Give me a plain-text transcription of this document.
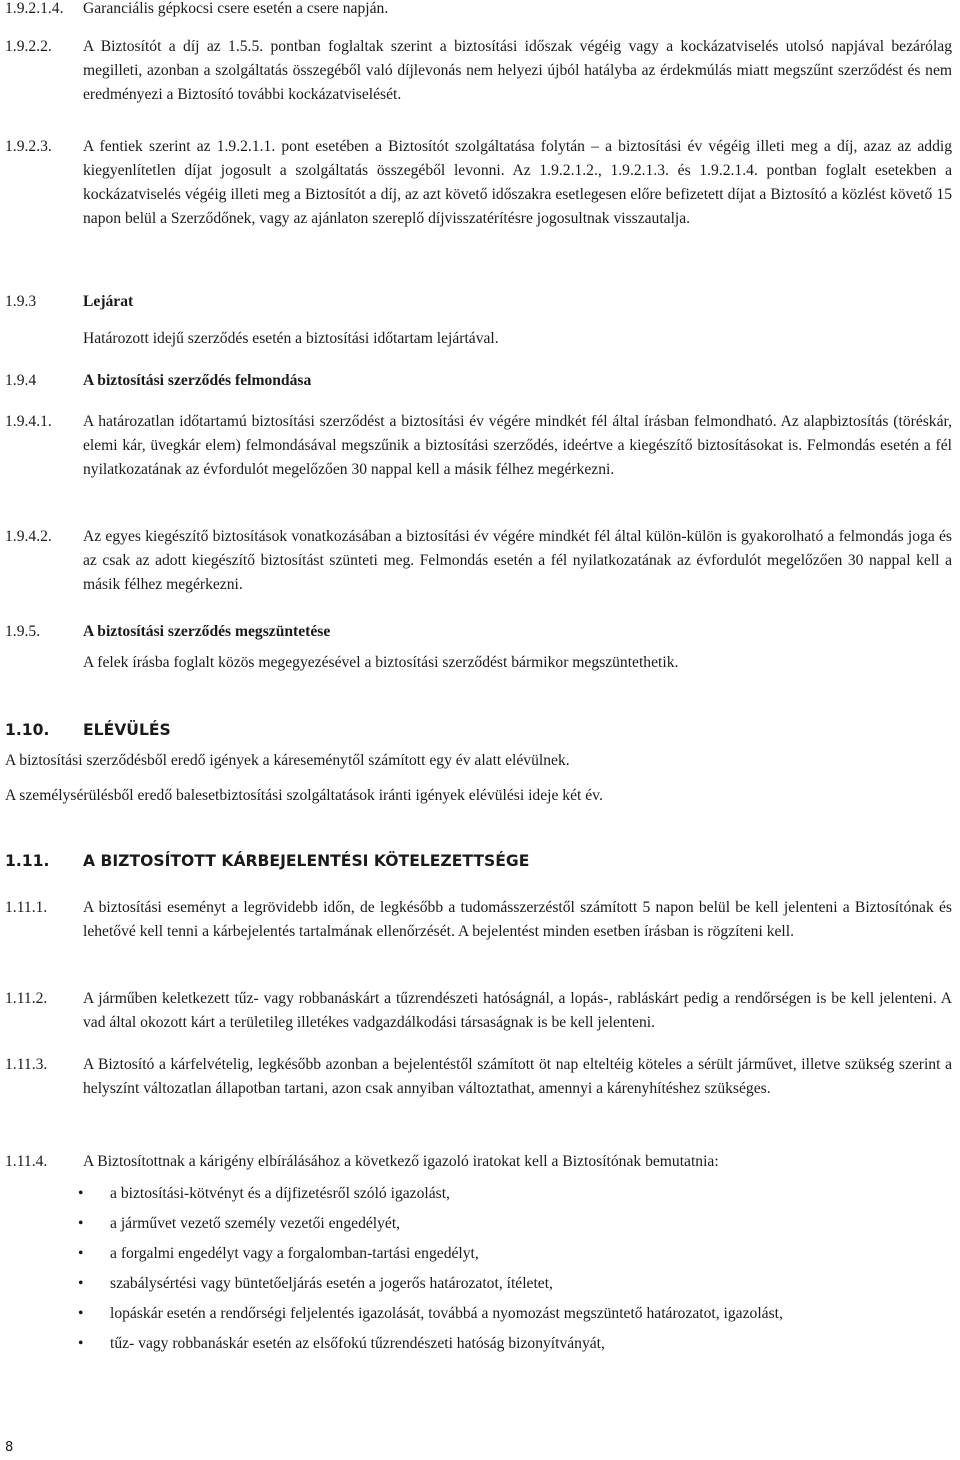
1.9.2.1.4. Garanciális gépkocsi csere esetén a csere napján.
1.9.2.2. A Biztosítót a díj az 1.5.5. pontban foglaltak szerint a biztosítási időszak végéig vagy a kockázatviselés utolsó napjával bezárólag megilleti, azonban a szolgáltatás összegéből való díjlevonás nem helyezi újból hatályba az érdekmúlás miatt megszűnt szerződést és nem eredményezi a Biztosító további kockázatviselését.
1.9.2.3. A fentiek szerint az 1.9.2.1.1. pont esetében a Biztosítót szolgáltatása folytán – a biztosítási év végéig illeti meg a díj, azaz az addig kiegyenlítetlen díjat jogosult a szolgáltatás összegéből levonni. Az 1.9.2.1.2., 1.9.2.1.3. és 1.9.2.1.4. pontban foglalt esetekben a kockázatviselés végéig illeti meg a Biztosítót a díj, az azt követő időszakra esetlegesen előre befizetett díjat a Biztosító a közlést követő 15 napon belül a Szerződőnek, vagy az ajánlaton szereplő díjvisszatérítésre jogosultnak visszautalja.
1.9.3	Lejárat
Határozott idejű szerződés esetén a biztosítási időtartam lejártával.
1.9.4	A biztosítási szerződés felmondása
1.9.4.1. A határozatlan időtartamú biztosítási szerződést a biztosítási év végére mindkét fél által írásban felmondható. Az alapbiztosítás (töréskár, elemi kár, üvegkár elem) felmondásával megszűnik a biztosítási szerződés, ideértve a kiegészítő biztosításokat is. Felmondás esetén a fél nyilatkozatának az évfordulót megelőzően 30 nappal kell a másik félhez megérkezni.
1.9.4.2. Az egyes kiegészítő biztosítások vonatkozásában a biztosítási év végére mindkét fél által külön-külön is gyakorolható a felmondás joga és az csak az adott kiegészítő biztosítást szünteti meg. Felmondás esetén a fél nyilatkozatának az évfordulót megelőzően 30 nappal kell a másik félhez megérkezni.
1.9.5.	A biztosítási szerződés megszüntetése
A felek írásba foglalt közös megegyezésével a biztosítási szerződést bármikor megszüntethetik.
1.10. ELÉVÜLÉS
A biztosítási szerződésből eredő igények a káreseménytől számított egy év alatt elévülnek.
A személysérülésből eredő balesetbiztosítási szolgáltatások iránti igények elévülési ideje két év.
1.11. A BIZTOSÍTOTT KÁRBEJELENTÉSI KÖTELEZETTSÉGE
1.11.1. A biztosítási eseményt a legrövidebb időn, de legkésőbb a tudomásszerzéstől számított 5 napon belül be kell jelenteni a Biztosítónak és lehetővé kell tenni a kárbejelentés tartalmának ellenőrzését. A bejelentést minden esetben írásban is rögzíteni kell.
1.11.2. A járműben keletkezett tűz- vagy robbanáskárt a tűzrendészeti hatóságnál, a lopás-, rabláskárt pedig a rendőrségen is be kell jelenteni. A vad által okozott kárt a területileg illetékes vadgazdálkodási társaságnak is be kell jelenteni.
1.11.3. A Biztosító a kárfelvételig, legkésőbb azonban a bejelentéstől számított öt nap elteltéig köteles a sérült járművet, illetve szükség szerint a helyszínt változatlan állapotban tartani, azon csak annyiban változtathat, amennyi a kárenyhítéshez szükséges.
1.11.4. A Biztosítottnak a kárigény elbírálásához a következő igazoló iratokat kell a Biztosítónak bemutatnia:
• a biztosítási-kötvényt és a díjfizetésről szóló igazolást,
• a járművet vezető személy vezetői engedélyét,
• a forgalmi engedélyt vagy a forgalomban-tartási engedélyt,
• szabálysértési vagy büntetőeljárás esetén a jogerős határozatot, ítéletet,
• lopáskár esetén a rendőrségi feljelentés igazolását, továbbá a nyomozást megszüntető határozatot, igazolást,
• tűz- vagy robbanáskár esetén az elsőfokú tűzrendészeti hatóság bizonyítványát,
8
